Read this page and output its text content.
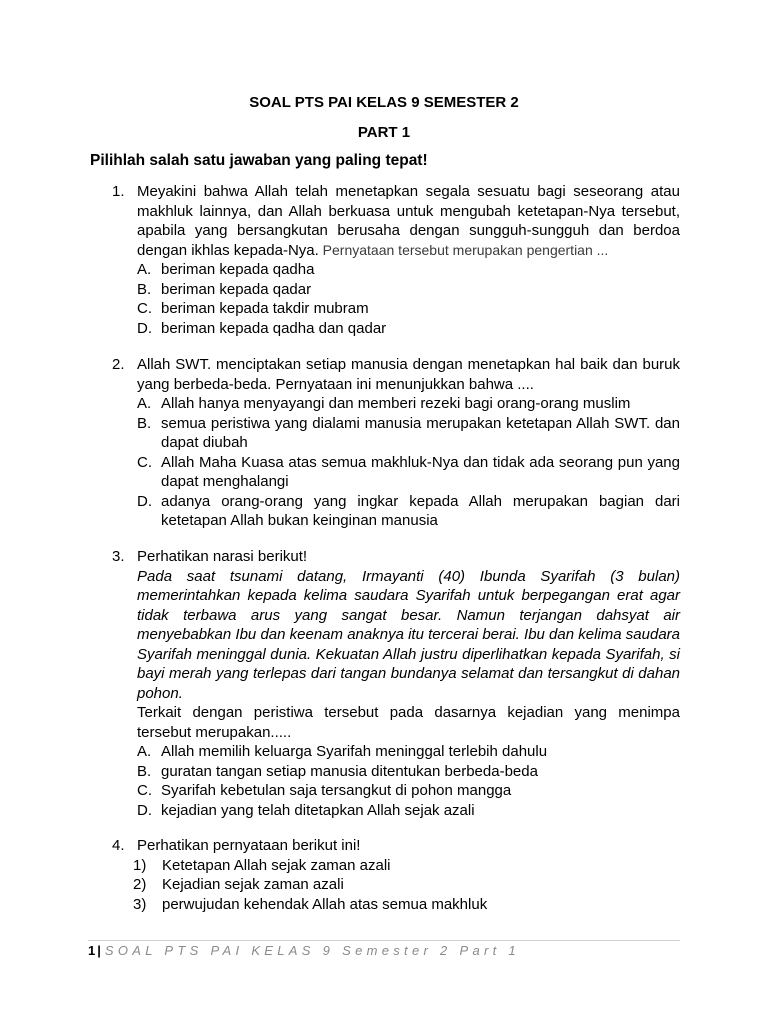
SOAL PTS PAI KELAS 9 SEMESTER 2
PART 1
Pilihlah salah satu jawaban yang paling tepat!
1. Meyakini bahwa Allah telah menetapkan segala sesuatu bagi seseorang atau makhluk lainnya, dan Allah berkuasa untuk mengubah ketetapan-Nya tersebut, apabila yang bersangkutan berusaha dengan sungguh-sungguh dan berdoa dengan ikhlas kepada-Nya. Pernyataan tersebut merupakan pengertian ...
A. beriman kepada qadha
B. beriman kepada qadar
C. beriman kepada takdir mubram
D. beriman kepada qadha dan qadar
2. Allah SWT. menciptakan setiap manusia dengan menetapkan hal baik dan buruk yang berbeda-beda. Pernyataan ini menunjukkan bahwa ....
A. Allah hanya menyayangi dan memberi rezeki bagi orang-orang muslim
B. semua peristiwa yang dialami manusia merupakan ketetapan Allah SWT. dan dapat diubah
C. Allah Maha Kuasa atas semua makhluk-Nya dan tidak ada seorang pun yang dapat menghalangi
D. adanya orang-orang yang ingkar kepada Allah merupakan bagian dari ketetapan Allah bukan keinginan manusia
3. Perhatikan narasi berikut!
Pada saat tsunami datang, Irmayanti (40) Ibunda Syarifah (3 bulan) memerintahkan kepada kelima saudara Syarifah untuk berpegangan erat agar tidak terbawa arus yang sangat besar. Namun terjangan dahsyat air menyebabkan Ibu dan keenam anaknya itu tercerai berai. Ibu dan kelima saudara Syarifah meninggal dunia. Kekuatan Allah justru diperlihatkan kepada Syarifah, si bayi merah yang terlepas dari tangan bundanya selamat dan tersangkut di dahan pohon.
Terkait dengan peristiwa tersebut pada dasarnya kejadian yang menimpa tersebut merupakan.....
A. Allah memilih keluarga Syarifah meninggal terlebih dahulu
B. guratan tangan setiap manusia ditentukan berbeda-beda
C. Syarifah kebetulan saja tersangkut di pohon mangga
D. kejadian yang telah ditetapkan Allah sejak azali
4. Perhatikan pernyataan berikut ini!
1)	Ketetapan Allah sejak zaman azali
2)	Kejadian sejak zaman azali
3)	perwujudan kehendak Allah atas semua makhluk
1 | SOAL PTS PAI KELAS 9 Semester 2 Part 1
